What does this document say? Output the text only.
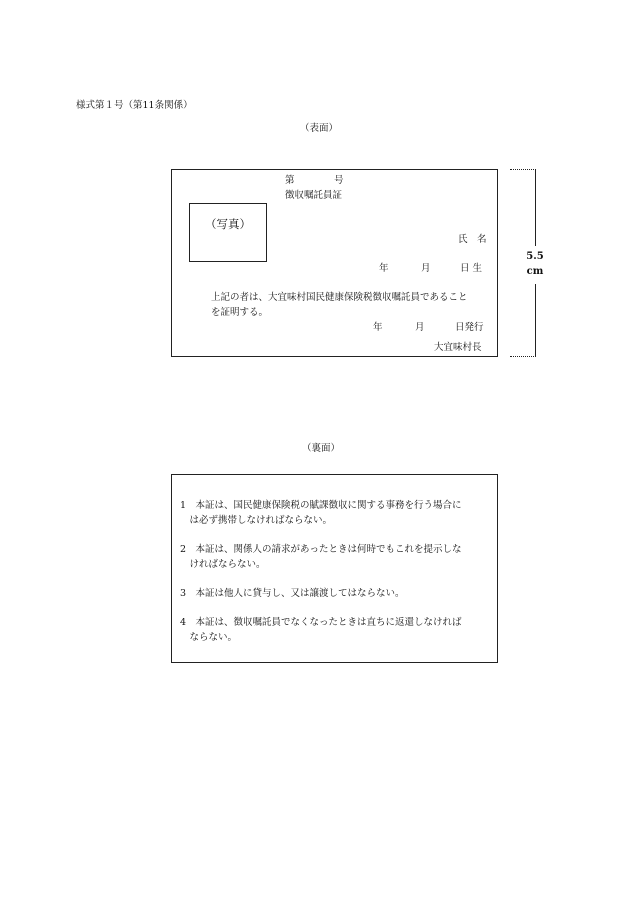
様式第１号（第11条関係）
（表面）
第	号
徴収嘱託員証
（写真）
氏　名
年	月	日 生
上記の者は、大宜味村国民健康保険税徴収嘱託員であること
を証明する。
年	月	日発行
大宜味村長
5.5
cm
（裏面）
1　本証は、国民健康保険税の賦課徴収に関する事務を行う場合に
　は必ず携帯しなければならない。
2　本証は、関係人の請求があったときは何時でもこれを提示しな
　ければならない。
3　本証は他人に貸与し、又は譲渡してはならない。
4　本証は、徴収嘱託員でなくなったときは直ちに返還しなければ
　ならない。
